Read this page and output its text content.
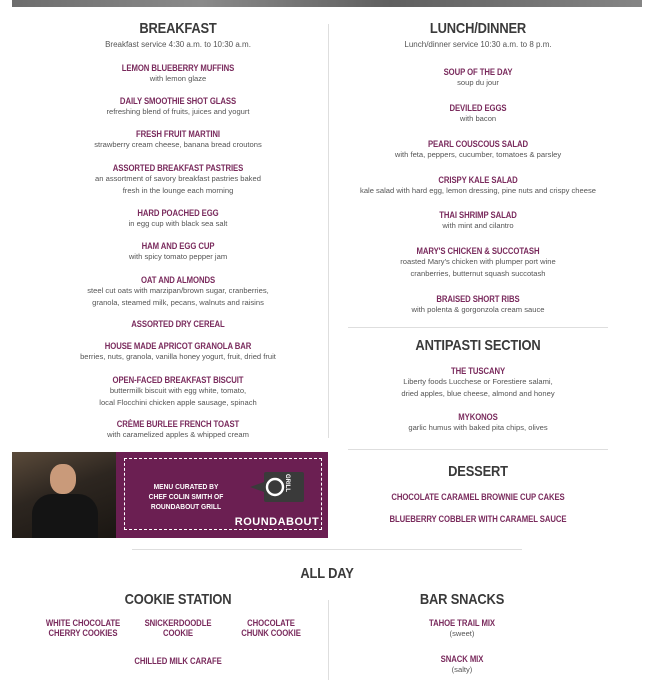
BREAKFAST
Breakfast service 4:30 a.m. to 10:30 a.m.
LEMON BLUEBERRY MUFFINS
with lemon glaze
DAILY SMOOTHIE SHOT GLASS
refreshing blend of fruits, juices and yogurt
FRESH FRUIT MARTINI
strawberry cream cheese, banana bread croutons
ASSORTED BREAKFAST PASTRIES
an assortment of savory breakfast pastries baked
fresh in the lounge each morning
HARD POACHED EGG
in egg cup with black sea salt
HAM AND EGG CUP
with spicy tomato pepper jam
OAT AND ALMONDS
steel cut oats with marzipan/brown sugar, cranberries,
granola, steamed milk, pecans, walnuts and raisins
ASSORTED DRY CEREAL
HOUSE MADE APRICOT GRANOLA BAR
berries, nuts, granola, vanilla honey yogurt, fruit, dried fruit
OPEN-FACED BREAKFAST BISCUIT
buttermilk biscuit with egg white, tomato,
local Flocchini chicken apple sausage, spinach
CRÈME BURLEE FRENCH TOAST
with caramelized apples & whipped cream
LUNCH/DINNER
Lunch/dinner service 10:30 a.m. to 8 p.m.
SOUP OF THE DAY
soup du jour
DEVILED EGGS
with bacon
PEARL COUSCOUS SALAD
with feta, peppers, cucumber, tomatoes & parsley
CRISPY KALE SALAD
kale salad with hard egg, lemon dressing, pine nuts and crispy cheese
THAI SHRIMP SALAD
with mint and cilantro
MARY'S CHICKEN & SUCCOTASH
roasted Mary's chicken with plumper port wine
cranberries, butternut squash succotash
BRAISED SHORT RIBS
with polenta & gorgonzola cream sauce
ANTIPASTI SECTION
THE TUSCANY
Liberty foods Lucchese or Forestiere salami,
dried apples, blue cheese, almond and honey
MYKONOS
garlic humus with baked pita chips, olives
DESSERT
CHOCOLATE CARAMEL BROWNIE CUP CAKES
BLUEBERRY COBBLER WITH CARAMEL SAUCE
MENU CURATED BY
CHEF COLIN SMITH OF
ROUNDABOUT GRILL
GRILL
ROUNDABOUT
ALL DAY
COOKIE STATION
WHITE CHOCOLATE
CHERRY COOKIES
SNICKERDOODLE
COOKIE
CHOCOLATE
CHUNK COOKIE
CHILLED MILK CARAFE
BAR SNACKS
TAHOE TRAIL MIX
(sweet)
SNACK MIX
(salty)
